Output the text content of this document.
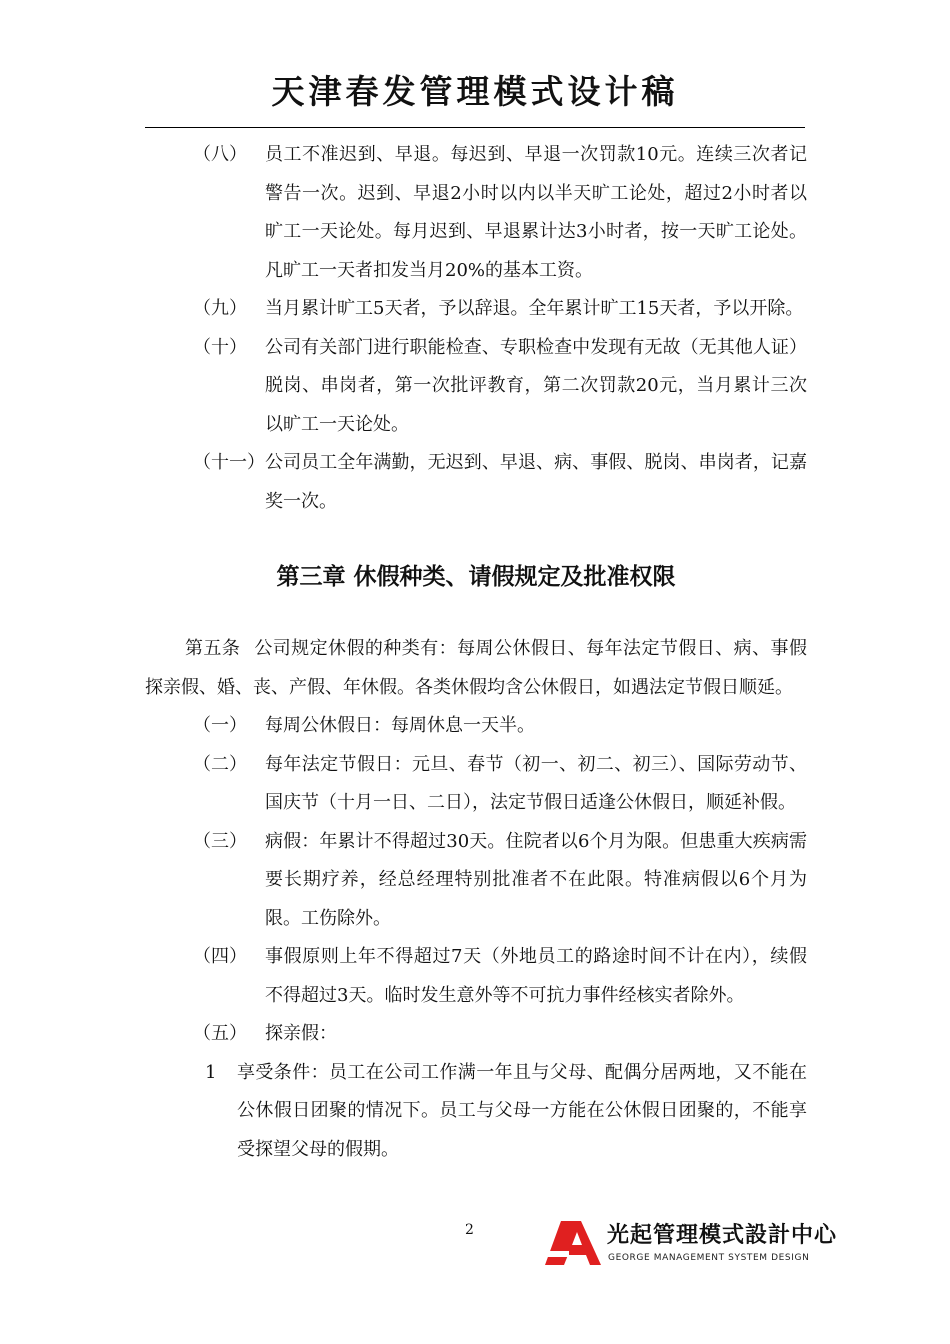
天津春发管理模式设计稿
（八）	员工不准迟到、早退。每迟到、早退一次罚款10元。连续三次者记警告一次。迟到、早退2小时以内以半天旷工论处，超过2小时者以旷工一天论处。每月迟到、早退累计达3小时者，按一天旷工论处。凡旷工一天者扣发当月20%的基本工资。
（九）	当月累计旷工5天者，予以辞退。全年累计旷工15天者，予以开除。
（十）	公司有关部门进行职能检查、专职检查中发现有无故（无其他人证）脱岗、串岗者，第一次批评教育，第二次罚款20元，当月累计三次以旷工一天论处。
（十一） 公司员工全年满勤，无迟到、早退、病、事假、脱岗、串岗者，记嘉奖一次。
第三章 休假种类、请假规定及批准权限

第五条 公司规定休假的种类有：每周公休假日、每年法定节假日、病、事假探亲假、婚、丧、产假、年休假。各类休假均含公休假日，如遇法定节假日顺延。

（一）	每周公休假日：每周休息一天半。
（二）	每年法定节假日：元旦、春节（初一、初二、初三）、国际劳动节、国庆节（十月一日、二日），法定节假日适逢公休假日，顺延补假。
（三）	病假：年累计不得超过30天。住院者以6个月为限。但患重大疾病需要长期疗养，经总经理特别批准者不在此限。特准病假以6个月为限。工伤除外。
（四）	事假原则上年不得超过7天（外地员工的路途时间不计在内），续假不得超过3天。临时发生意外等不可抗力事件经核实者除外。
（五）	探亲假：
1	享受条件：员工在公司工作满一年且与父母、配偶分居两地，又不能在公休假日团聚的情况下。员工与父母一方能在公休假日团聚的，不能享受探望父母的假期。
2	光起管理模式設計中心
GEORGE MANAGEMENT SYSTEM DESIGN
